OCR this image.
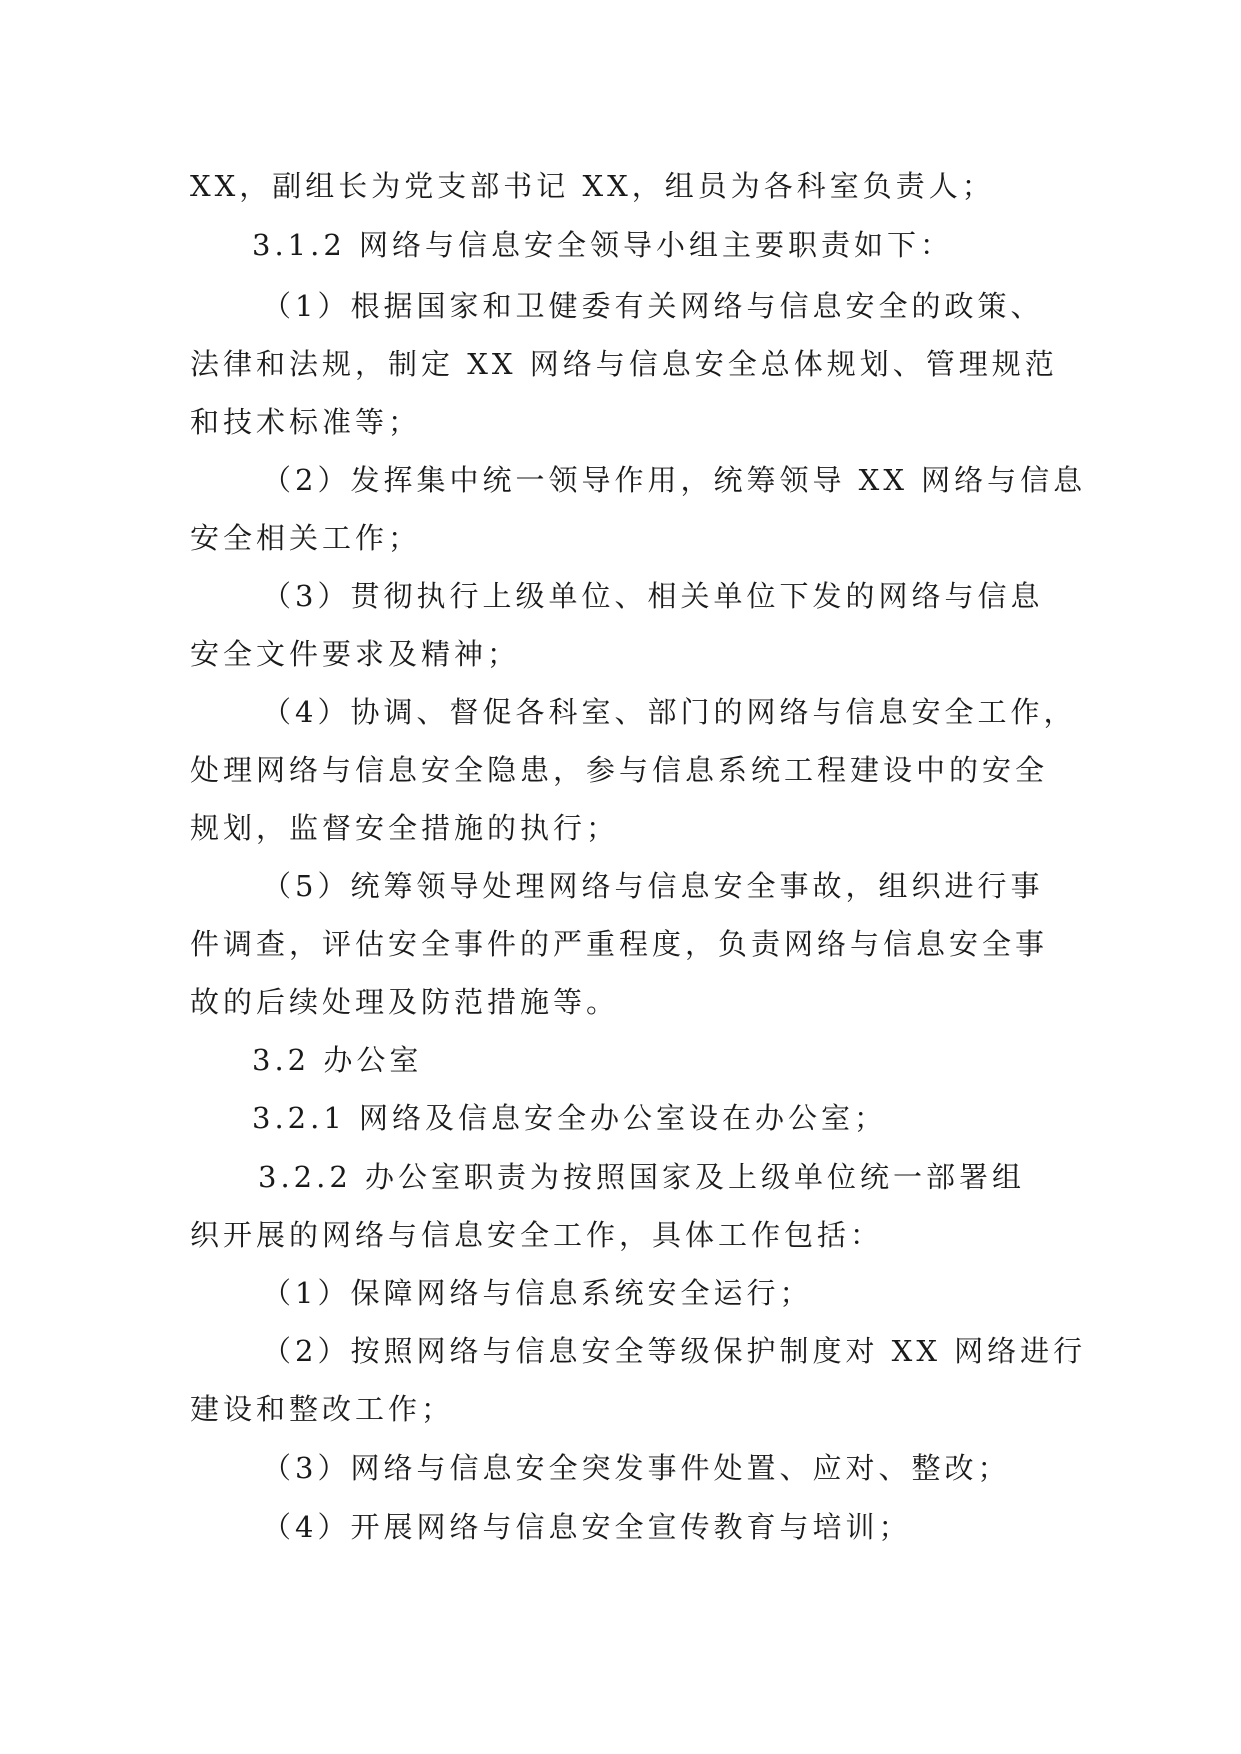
XX，副组长为党支部书记 XX，组员为各科室负责人；
3.1.2 网络与信息安全领导小组主要职责如下：
（1）根据国家和卫健委有关网络与信息安全的政策、
法律和法规，制定 XX 网络与信息安全总体规划、管理规范
和技术标准等；
（2）发挥集中统一领导作用，统筹领导 XX 网络与信息
安全相关工作；
（3）贯彻执行上级单位、相关单位下发的网络与信息
安全文件要求及精神；
（4）协调、督促各科室、部门的网络与信息安全工作，
处理网络与信息安全隐患，参与信息系统工程建设中的安全
规划，监督安全措施的执行；
（5）统筹领导处理网络与信息安全事故，组织进行事
件调查，评估安全事件的严重程度，负责网络与信息安全事
故的后续处理及防范措施等。
3.2 办公室
3.2.1 网络及信息安全办公室设在办公室；
3.2.2 办公室职责为按照国家及上级单位统一部署组
织开展的网络与信息安全工作，具体工作包括：
（1）保障网络与信息系统安全运行；
（2）按照网络与信息安全等级保护制度对 XX 网络进行
建设和整改工作；
（3）网络与信息安全突发事件处置、应对、整改；
（4）开展网络与信息安全宣传教育与培训；
